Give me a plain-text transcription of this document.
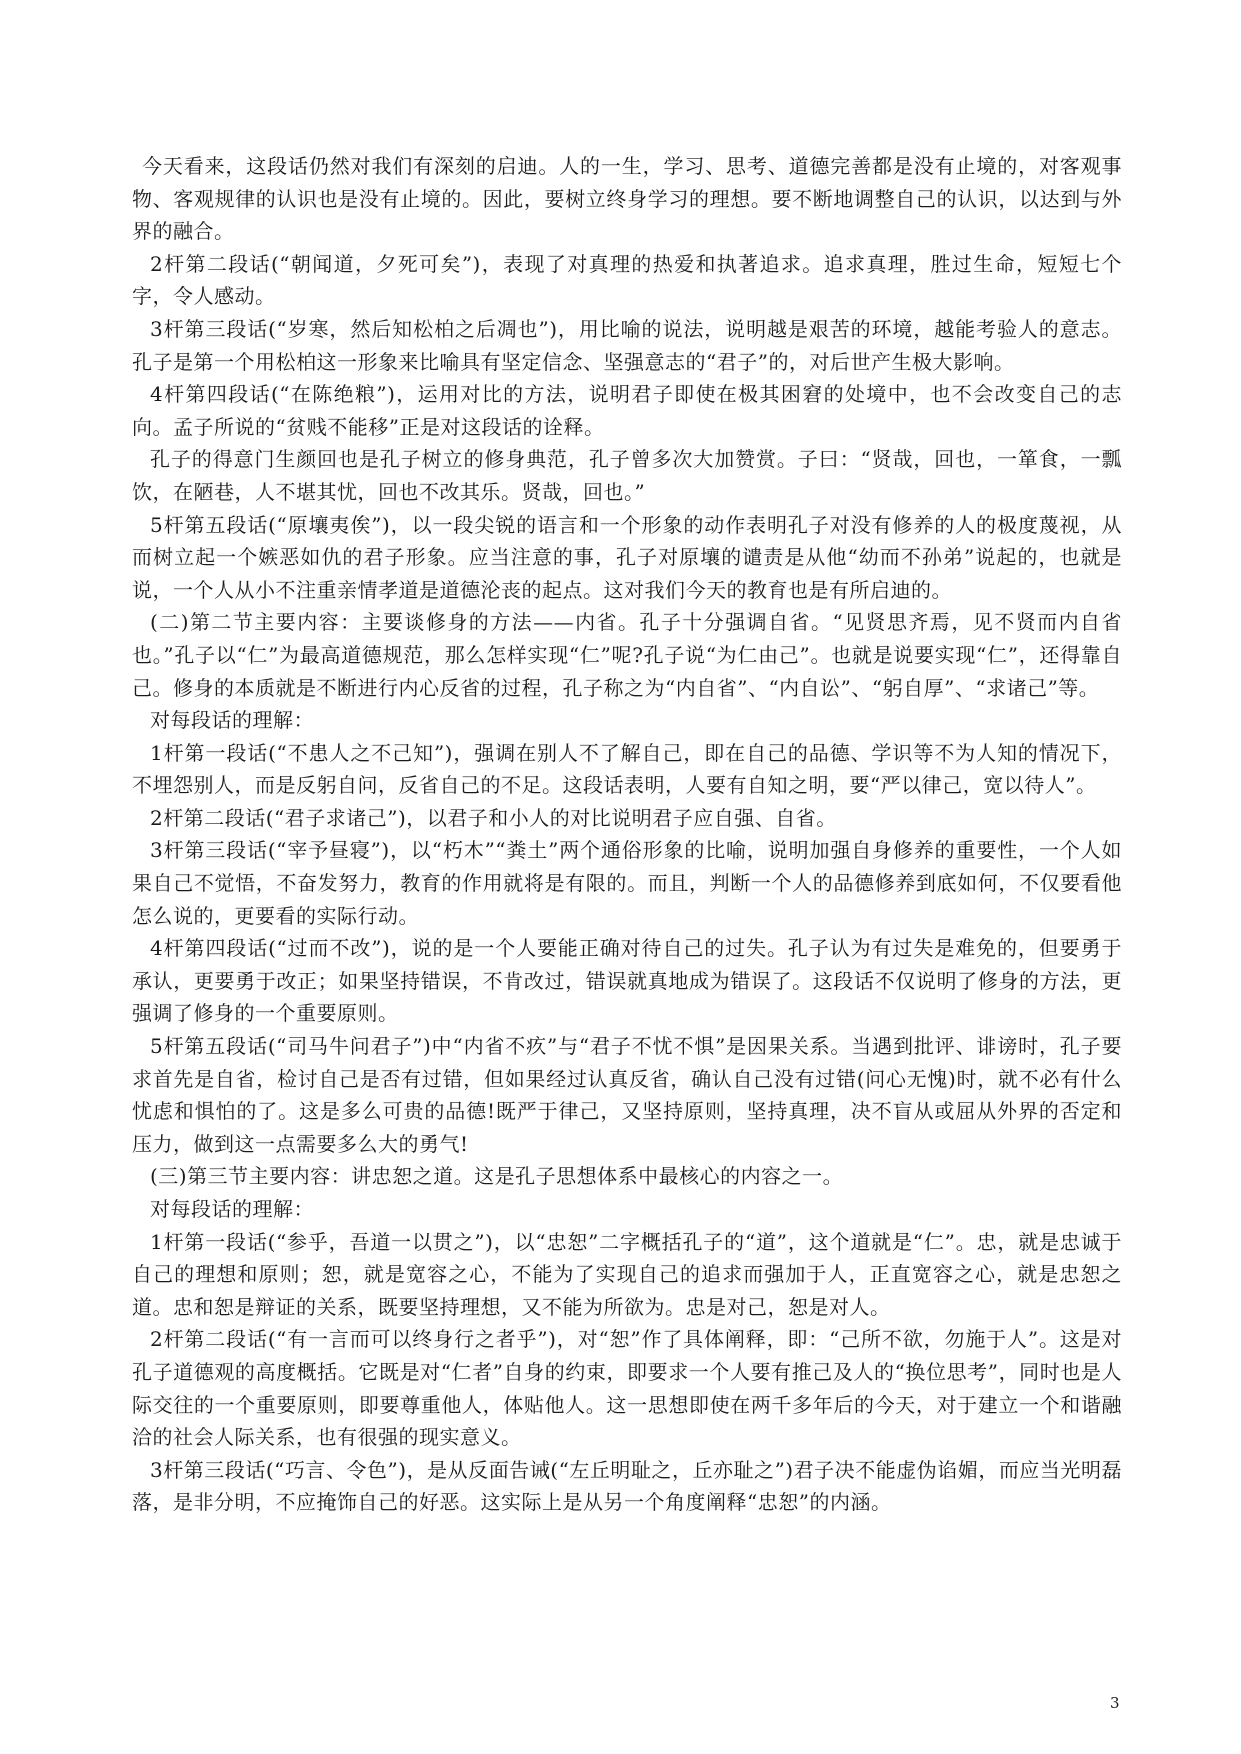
今天看来，这段话仍然对我们有深刻的启迪。人的一生，学习、思考、道德完善都是没有止境的，对客观事物、客观规律的认识也是没有止境的。因此，要树立终身学习的理想。要不断地调整自己的认识，以达到与外界的融合。

2杆第二段话(“朝闻道，夕死可矣”)，表现了对真理的热爱和执著追求。追求真理，胜过生命，短短七个字，令人感动。

3杆第三段话(“岁寒，然后知松柏之后凋也”)，用比喻的说法，说明越是艰苦的环境，越能考验人的意志。孔子是第一个用松柏这一形象来比喻具有坚定信念、坚强意志的“君子”的，对后世产生极大影响。

4杆第四段话(“在陈绝粮”)，运用对比的方法，说明君子即使在极其困窘的处境中，也不会改变自己的志向。孟子所说的“贫贱不能移”正是对这段话的诠释。

孔子的得意门生颜回也是孔子树立的修身典范，孔子曾多次大加赞赏。子曰：“贤哉，回也，一箪食，一瓢饮，在陋巷，人不堪其忧，回也不改其乐。贤哉，回也。”

5杆第五段话(“原壤夷俟”)，以一段尖锐的语言和一个形象的动作表明孔子对没有修养的人的极度蔑视，从而树立起一个嫉恶如仇的君子形象。应当注意的事，孔子对原壤的谴责是从他“幼而不孙弟”说起的，也就是说，一个人从小不注重亲情孝道是道德沦丧的起点。这对我们今天的教育也是有所启迪的。

(二)第二节主要内容：主要谈修身的方法——内省。孔子十分强调自省。“见贤思齐焉，见不贤而内自省也。”孔子以“仁”为最高道德规范，那么怎样实现“仁”呢?孔子说“为仁由己”。也就是说要实现“仁”，还得靠自己。修身的本质就是不断进行内心反省的过程，孔子称之为“内自省”、“内自讼”、“躬自厚”、“求诸己”等。

对每段话的理解：

1杆第一段话(“不患人之不己知”)，强调在别人不了解自己，即在自己的品德、学识等不为人知的情况下，不埋怨别人，而是反躬自问，反省自己的不足。这段话表明，人要有自知之明，要“严以律己，宽以待人”。

2杆第二段话(“君子求诸己”)，以君子和小人的对比说明君子应自强、自省。

3杆第三段话(“宰予昼寝”)，以“朽木”“粪土”两个通俗形象的比喻，说明加强自身修养的重要性，一个人如果自己不觉悟，不奋发努力，教育的作用就将是有限的。而且，判断一个人的品德修养到底如何，不仅要看他怎么说的，更要看的实际行动。

4杆第四段话(“过而不改”)，说的是一个人要能正确对待自己的过失。孔子认为有过失是难免的，但要勇于承认，更要勇于改正；如果坚持错误，不肯改过，错误就真地成为错误了。这段话不仅说明了修身的方法，更强调了修身的一个重要原则。

5杆第五段话(“司马牛问君子”)中“内省不疚”与“君子不忧不惧”是因果关系。当遇到批评、诽谤时，孔子要求首先是自省，检讨自己是否有过错，但如果经过认真反省，确认自己没有过错(问心无愧)时，就不必有什么忧虑和惧怕的了。这是多么可贵的品德!既严于律己，又坚持原则，坚持真理，决不盲从或屈从外界的否定和压力，做到这一点需要多么大的勇气!

(三)第三节主要内容：讲忠恕之道。这是孔子思想体系中最核心的内容之一。

对每段话的理解：

1杆第一段话(“参乎，吾道一以贯之”)，以“忠恕”二字概括孔子的“道”，这个道就是“仁”。忠，就是忠诚于自己的理想和原则；恕，就是宽容之心，不能为了实现自己的追求而强加于人，正直宽容之心，就是忠恕之道。忠和恕是辩证的关系，既要坚持理想，又不能为所欲为。忠是对己，恕是对人。

2杆第二段话(“有一言而可以终身行之者乎”)，对“恕”作了具体阐释，即：“己所不欲，勿施于人”。这是对孔子道德观的高度概括。它既是对“仁者”自身的约束，即要求一个人要有推己及人的“换位思考”，同时也是人际交往的一个重要原则，即要尊重他人，体贴他人。这一思想即使在两千多年后的今天，对于建立一个和谐融洽的社会人际关系，也有很强的现实意义。

3杆第三段话(“巧言、令色”)，是从反面告诫(“左丘明耻之，丘亦耻之”)君子决不能虚伪谄媚，而应当光明磊落，是非分明，不应掩饰自己的好恶。这实际上是从另一个角度阐释“忠恕”的内涵。

3
